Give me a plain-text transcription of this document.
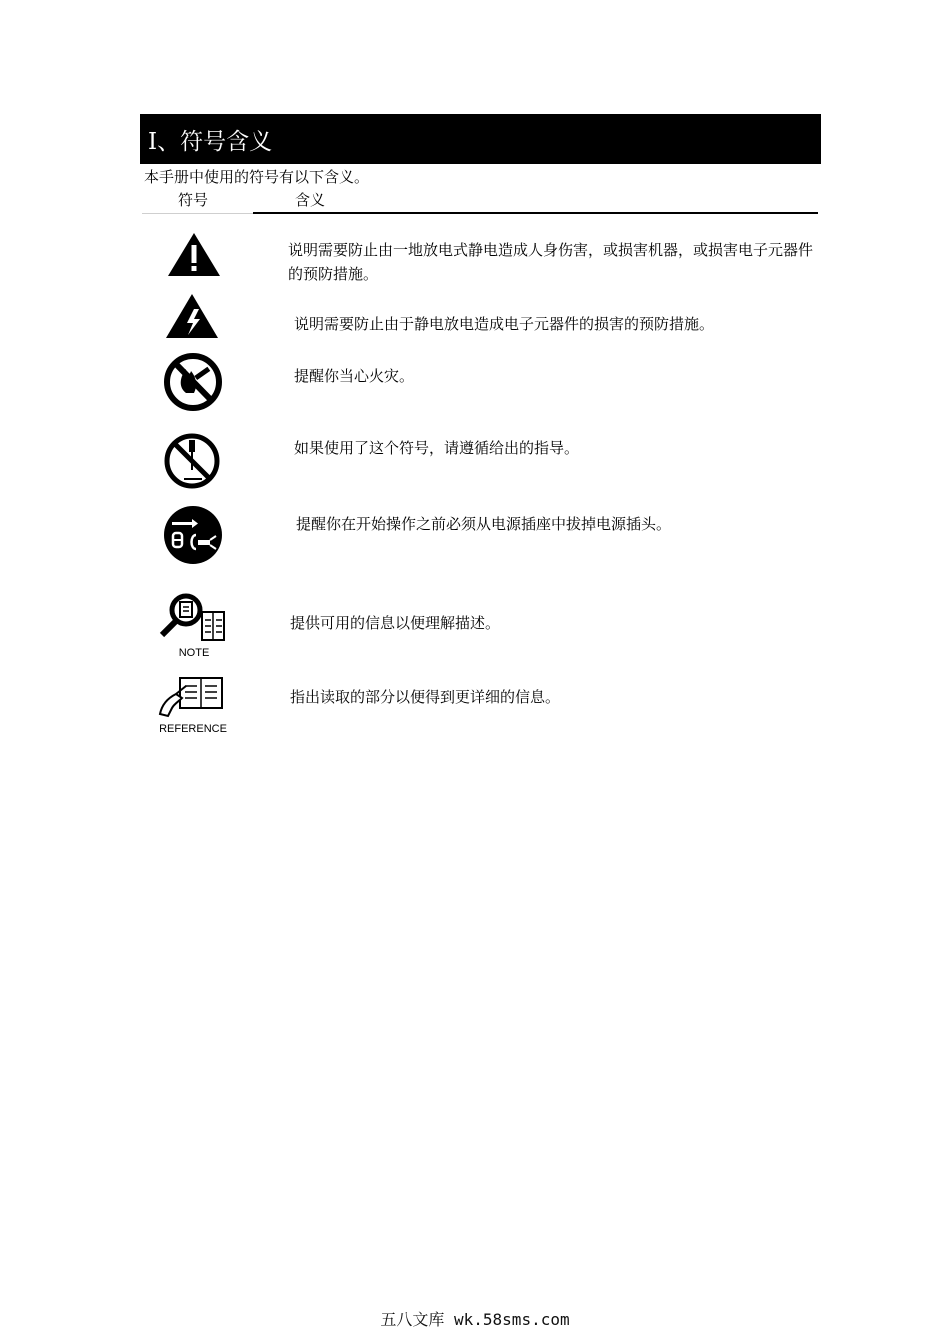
Ⅰ、符号含义
本手册中使用的符号有以下含义。
符号	含义
说明需要防止由一地放电式静电造成人身伤害，或损害机器，或损害电子元器件的预防措施。
说明需要防止由于静电放电造成电子元器件的损害的预防措施。
提醒你当心火灾。
如果使用了这个符号，请遵循给出的指导。
提醒你在开始操作之前必须从电源插座中拔掉电源插头。
NOTE
提供可用的信息以便理解描述。
REFERENCE
指出读取的部分以便得到更详细的信息。
五八文库 wk.58sms.com
